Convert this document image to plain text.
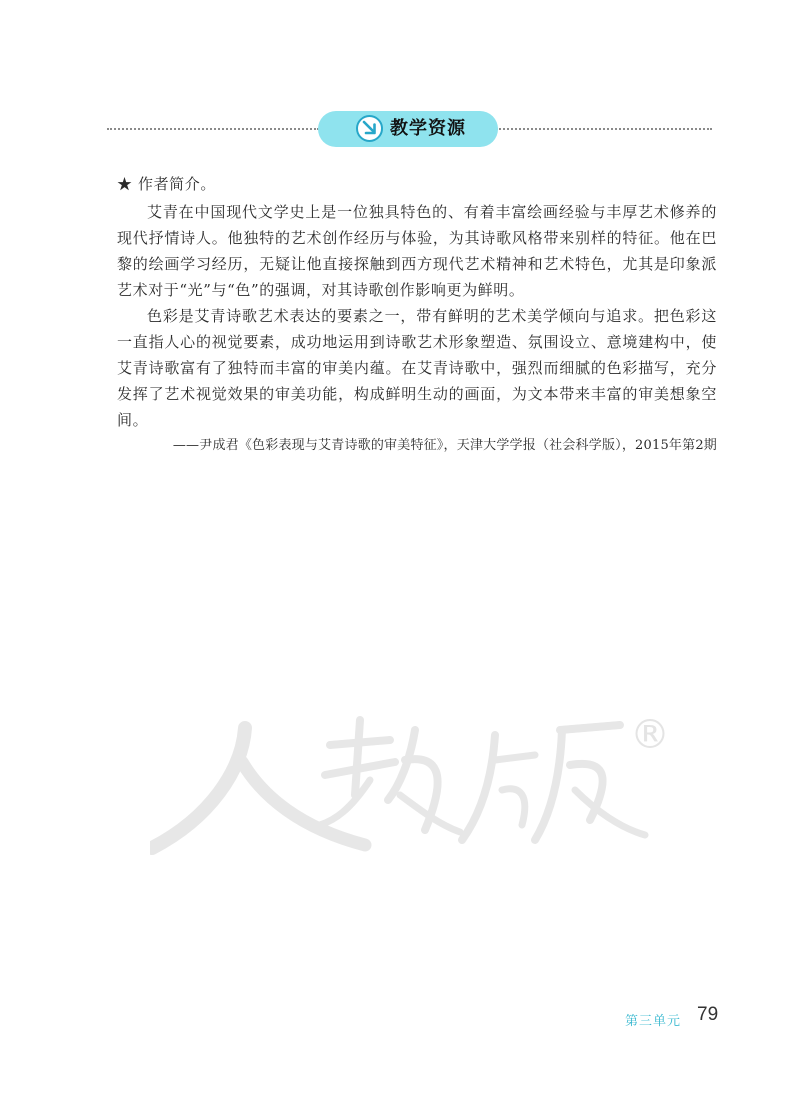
教学资源

★ 作者简介。

艾青在中国现代文学史上是一位独具特色的、有着丰富绘画经验与丰厚艺术修养的现代抒情诗人。他独特的艺术创作经历与体验，为其诗歌风格带来别样的特征。他在巴黎的绘画学习经历，无疑让他直接探触到西方现代艺术精神和艺术特色，尤其是印象派艺术对于“光”与“色”的强调，对其诗歌创作影响更为鲜明。

色彩是艾青诗歌艺术表达的要素之一，带有鲜明的艺术美学倾向与追求。把色彩这一直指人心的视觉要素，成功地运用到诗歌艺术形象塑造、氛围设立、意境建构中，使艾青诗歌富有了独特而丰富的审美内蕴。在艾青诗歌中，强烈而细腻的色彩描写，充分发挥了艺术视觉效果的审美功能，构成鲜明生动的画面，为文本带来丰富的审美想象空间。

——尹成君《色彩表现与艾青诗歌的审美特征》，天津大学学报（社会科学版），2015年第2期

®
第三单元 79
